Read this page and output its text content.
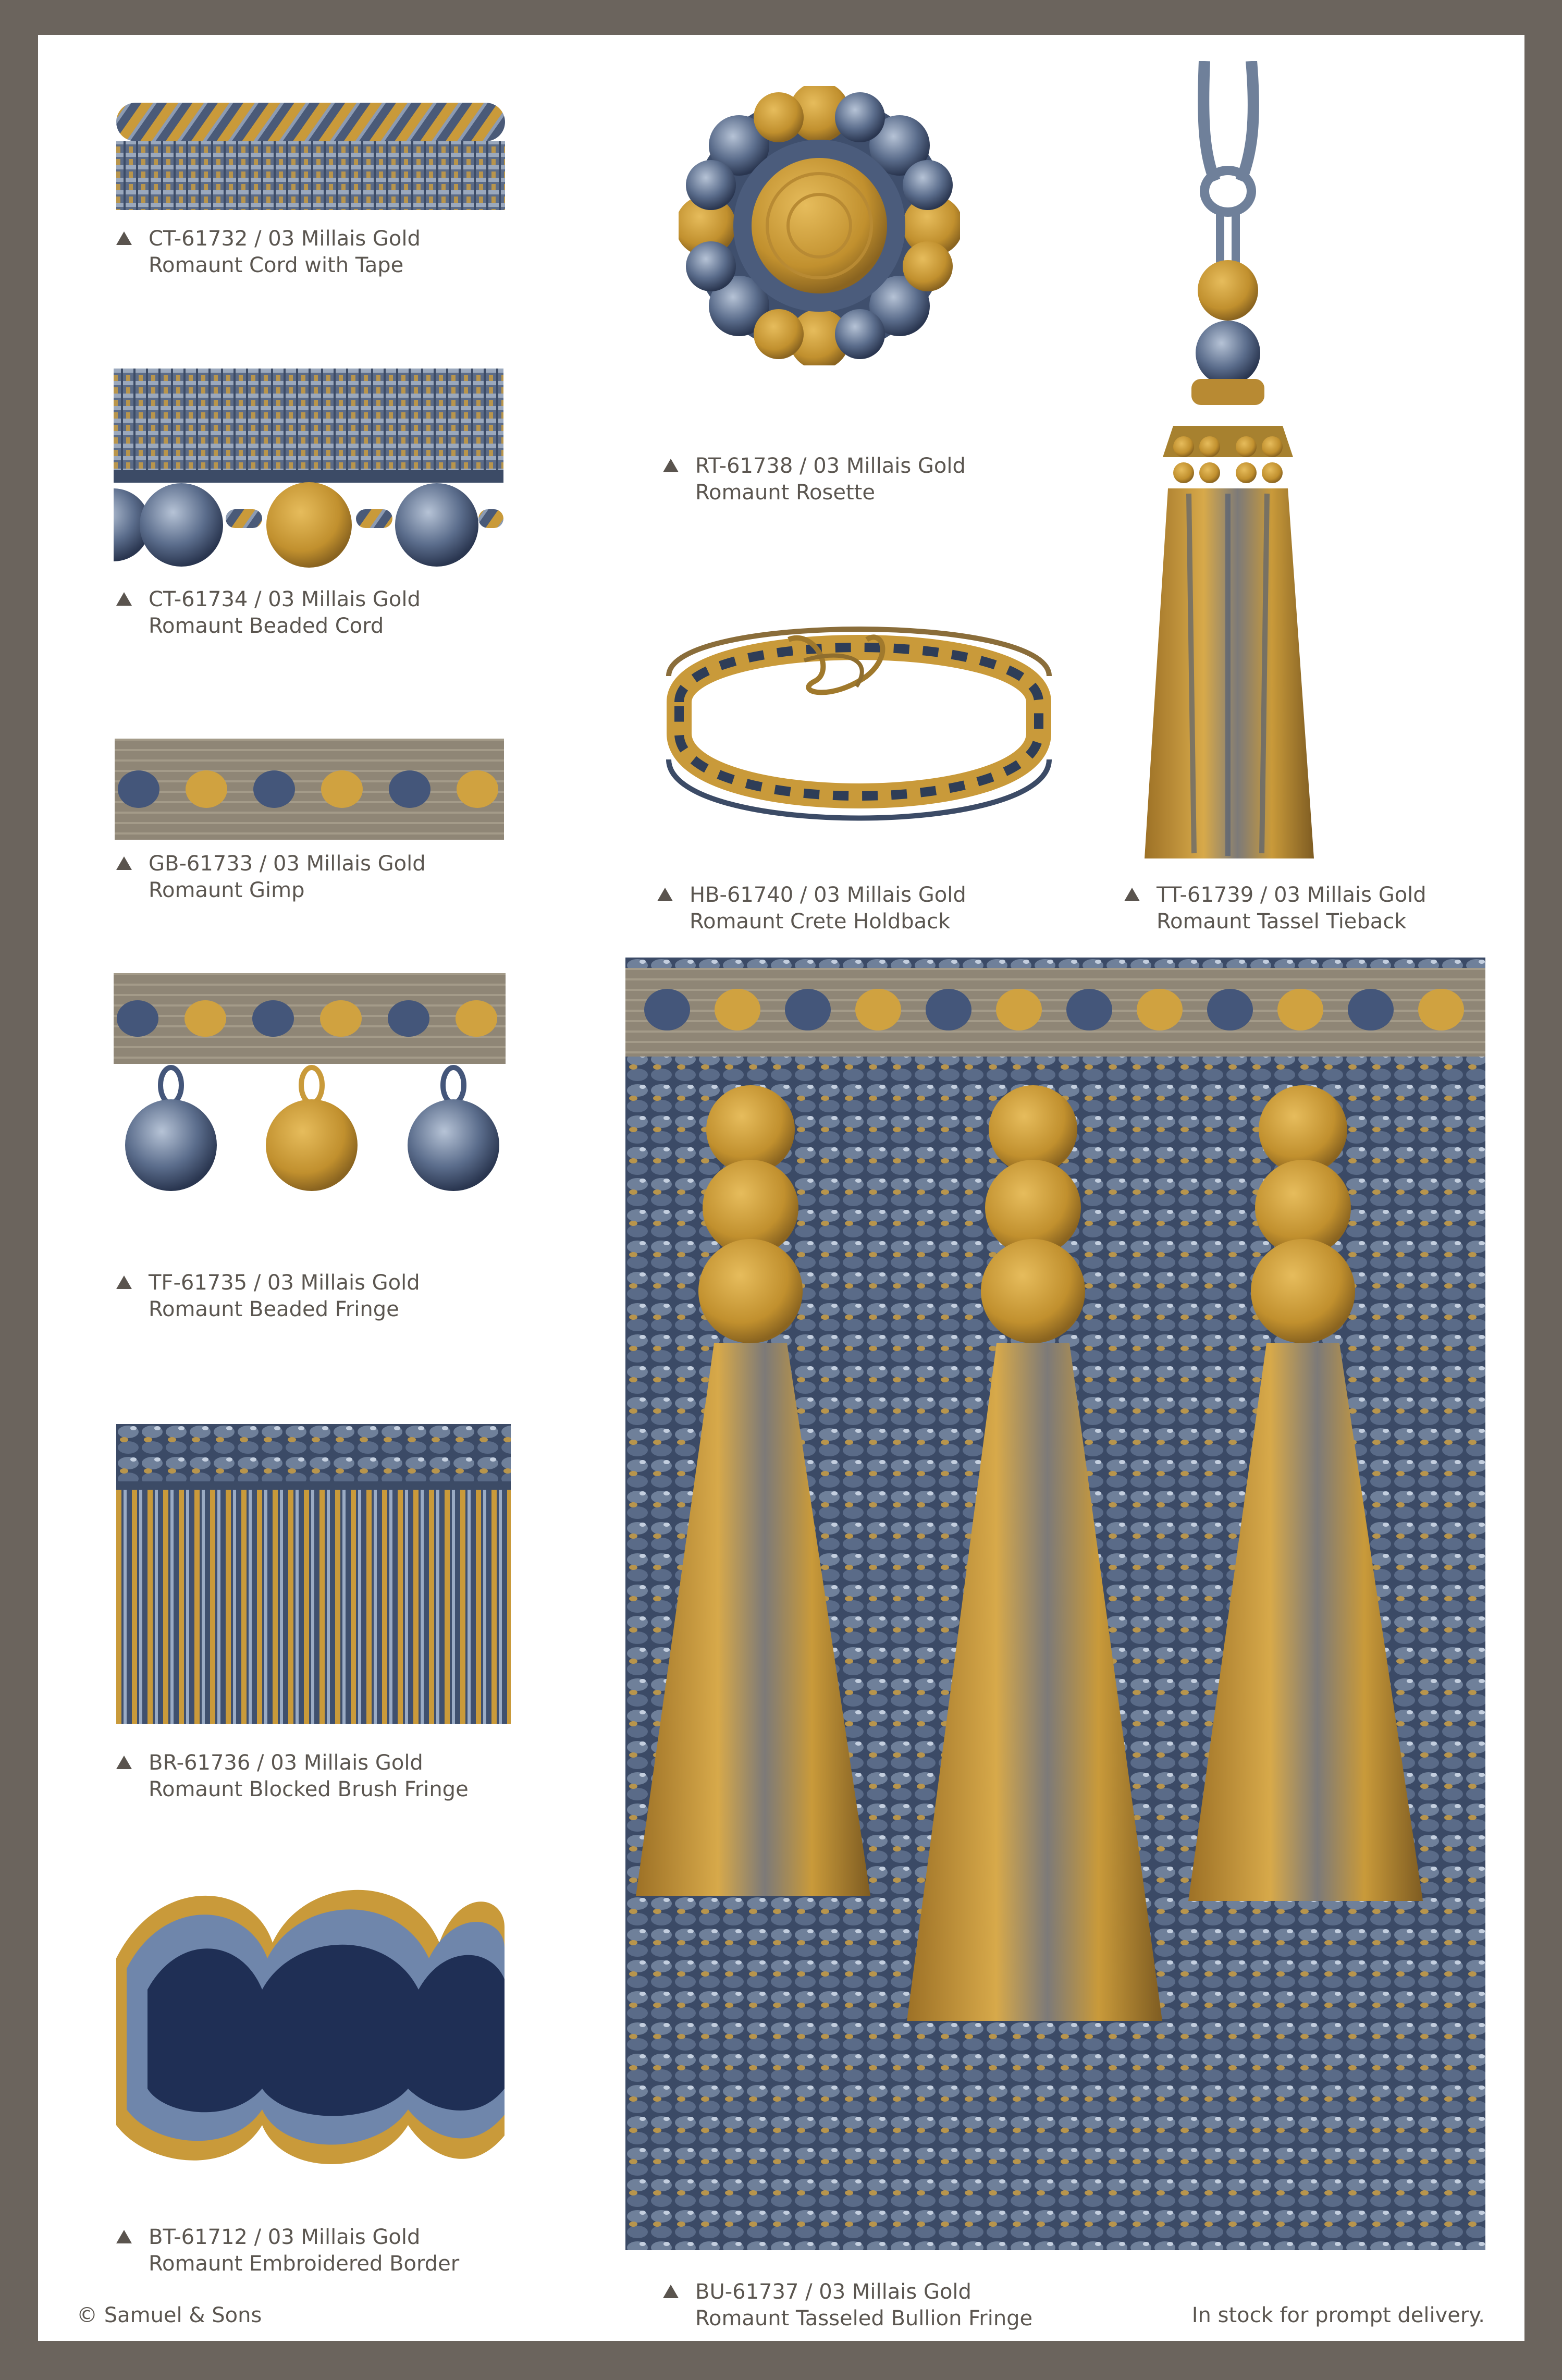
CT-61732 / 03 Millais Gold
Romaunt Cord with Tape
CT-61734 / 03 Millais Gold
Romaunt Beaded Cord
GB-61733 / 03 Millais Gold
Romaunt Gimp
TF-61735 / 03 Millais Gold
Romaunt Beaded Fringe
BR-61736 / 03 Millais Gold
Romaunt Blocked Brush Fringe
BT-61712 / 03 Millais Gold
Romaunt Embroidered Border
RT-61738 / 03 Millais Gold
Romaunt Rosette
HB-61740 / 03 Millais Gold
Romaunt Crete Holdback
TT-61739 / 03 Millais Gold
Romaunt Tassel Tieback
BU-61737 / 03 Millais Gold
Romaunt Tasseled Bullion Fringe
© Samuel & Sons	In stock for prompt delivery.
